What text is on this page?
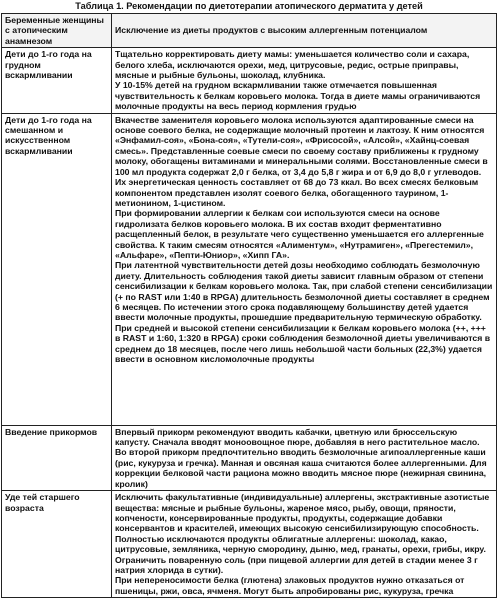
Таблица 1. Рекомендации по диетотерапии атопического дерматита у детей
Беременные женщины с атопическим анамнезом	Исключение из диеты продуктов с высоким аллергенным потенциалом
Дети до 1-го года на грудном вскармливании	Тщательно корректировать диету мамы: уменьшается количество соли и сахара, белого хлеба, исключаются орехи, мед, цитрусовые, редис, острые приправы, мясные и рыбные бульоны, шоколад, клубника.

У 10-15% детей на грудном вскармливании также отмечается повышенная чувствительность к белкам коровьего молока. Тогда в диете мамы ограничиваются молочные продукты на весь период кормления грудью

Дети до 1-го года на смешанном и искусственном вскармливании	Вкачестве заменителя коровьего молока используются адаптированные смеси на основе соевого белка, не содержащие молочный протеин и лактозу. К ним относятся «Энфамил-соя», «Бона-соя», «Тутели-соя», «Фрисосой», «Алсой», «Хайнц-соевая смесь». Представленные соевые смеси по своему составу приближены к грудному молоку, обогащены витаминами и минеральными солями. Восстановленные смеси в 100 мл продукта содержат 2,0 г белка, от 3,4 до 5,8 г жира и от 6,9 до 8,0 г углеводов. Их энергетическая ценность составляет от 68 до 73 ккал. Во всех смесях белковым компонентом представлен изолят соевого белка, обогащенного таурином, 1-метионином, 1-цистином.

При формировании аллергии к белкам сои используются смеси на основе гидролизата белков коровьего молока. В их состав входит ферментативно расщепленный белок, в результате чего существенно уменьшается его аллергенные свойства. К таким смесям относятся «Алиментум», «Нутрамиген», «Прегестемил», «Альфаре», «Пепти-Юниор», «Хипп ГА».

При латентной чувствительности детей дозы необходимо соблюдать безмолочную диету. Длительность соблюдения такой диеты зависит главным образом от степени сенсибилизации к белкам коровьего молока. Так, при слабой степени сенсибилизации (+ по RAST или 1:40 в RPGA) длительность безмолочной диеты составляет в среднем 6 месяцев. По истечении этого срока подавляющему большинству детей удается ввести молочные продукты, прошедшие предварительную термическую обработку. При средней и высокой степени сенсибилизации к белкам коровьего молока (++, +++ в RAST и 1:60, 1:320 в RPGA) сроки соблюдения безмолочной диеты увеличиваются в среднем до 18 месяцев, после чего лишь небольшой части больных (22,3%) удается ввести в основном кисломолочные продукты

Введение прикормов	Впервый прикорм рекомендуют вводить кабачки, цветную или брюссельскую капусту. Сначала вводят монoовощное пюре, добавляя в него растительное масло. Во второй прикорм предпочтительно вводить безмолочные агипоаллергенные каши (рис, кукуруза и гречка). Манная и овсяная каша считаются более аллергенными. Для коррекции белковой части рациона можно вводить мясное пюре (нежирная свинина, кролик)

Уде тей старшего возраста	Исключить факультативные (индивидуальные) аллергены, экстрактивные азотистые вещества: мясные и рыбные бульоны, жареное мясо, рыбу, овощи, пряности, копчености, консервированные продукты, продукты, содержащие добавки консервантов и красителей, имеющих высокую сенсибилизирующую способность.

Полностью исключаются продукты облигатные аллергены: шоколад, какао, цитрусовые, земляника, черную смородину, дыню, мед, гранаты, орехи, грибы, икру. Ограничить поваренную соль (при пищевой аллергии для детей в стадии менее 3 г натрия хлорида в сутки).

При непереносимости белка (глютена) злаковых продуктов нужно отказаться от пшеницы, ржи, овса, ячменя. Могут быть апробированы рис, кукуруза, гречка
